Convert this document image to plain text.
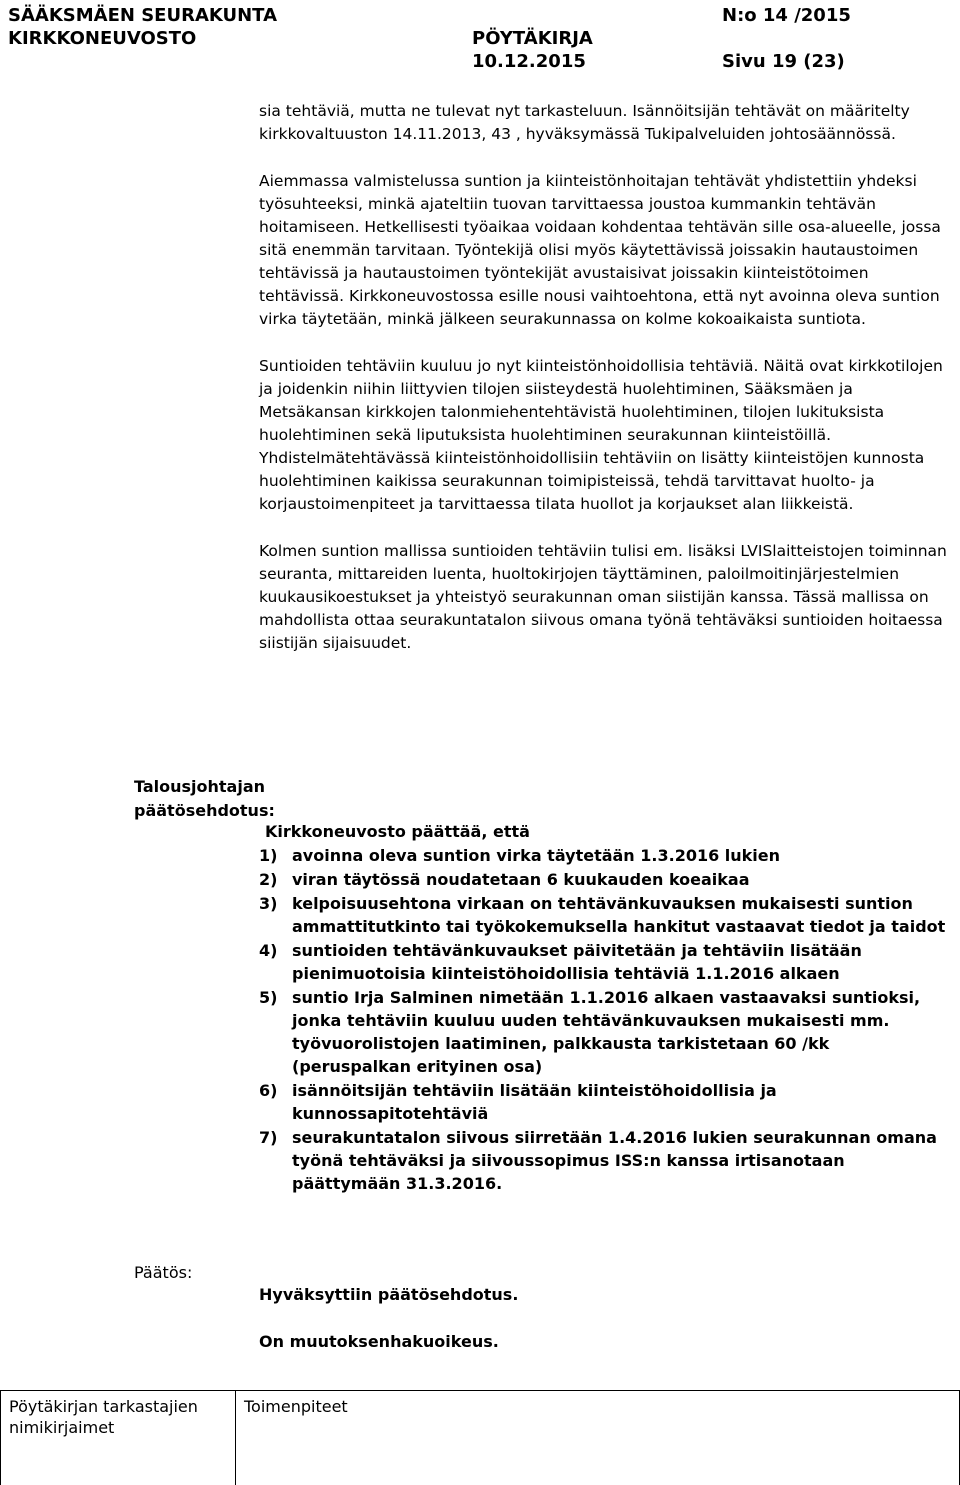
SÄÄKSMÄEN SEURAKUNTA
KIRKKONEUVOSTO	PÖYTÄKIRJA
10.12.2015
N:o 14 /2015
Sivu 19 (23)

sia tehtäviä, mutta ne tulevat nyt tarkasteluun. Isännöitsijän tehtävät on määritelty kirkkovaltuuston 14.11.2013, 43 , hyväksymässä Tukipalveluiden johtosäännössä.

Aiemmassa valmistelussa suntion ja kiinteistönhoitajan tehtävät yhdistettiin yhdeksi työsuhteeksi, minkä ajateltiin tuovan tarvittaessa joustoa kummankin tehtävän hoitamiseen. Hetkellisesti työaikaa voidaan kohdentaa tehtävän sille osa-alueelle, jossa sitä enemmän tarvitaan. Työntekijä olisi myös käytettävissä joissakin hautaustoimen tehtävissä ja hautaustoimen työntekijät avustaisivat joissakin kiinteistötoimen tehtävissä. Kirkkoneuvostossa esille nousi vaihtoehtona, että nyt avoinna oleva suntion virka täytetään, minkä jälkeen seurakunnassa on kolme kokoaikaista suntiota.

Suntioiden tehtäviin kuuluu jo nyt kiinteistönhoidollisia tehtäviä. Näitä ovat kirkkotilojen ja joidenkin niihin liittyvien tilojen siisteydestä huolehtiminen, Sääksmäen ja Metsäkansan kirkkojen talonmiehentehtävistä huolehtiminen, tilojen lukituksista huolehtiminen sekä liputuksista huolehtiminen seurakunnan kiinteistöillä. Yhdistelmätehtävässä kiinteistönhoidollisiin tehtäviin on lisätty kiinteistöjen kunnosta huolehtiminen kaikissa seurakunnan toimipisteissä, tehdä tarvittavat huolto- ja korjaustoimenpiteet ja tarvittaessa tilata huollot ja korjaukset alan liikkeistä.

Kolmen suntion mallissa suntioiden tehtäviin tulisi em. lisäksi LVISlaitteistojen toiminnan seuranta, mittareiden luenta, huoltokirjojen täyttäminen, paloilmoitinjärjestelmien kuukausikoestukset ja yhteistyö seurakunnan oman siistijän kanssa. Tässä mallissa on mahdollista ottaa seurakuntatalon siivous omana työnä tehtäväksi suntioiden hoitaessa siistijän sijaisuudet.

Talousjohtajan
päätösehdotus:
Kirkkoneuvosto päättää, että
1) avoinna oleva suntion virka täytetään 1.3.2016 lukien
2) viran täytössä noudatetaan 6 kuukauden koeaikaa
3) kelpoisuusehtona virkaan on tehtävänkuvauksen mukaisesti suntion ammattitutkinto tai työkokemuksella hankitut vastaavat tiedot ja taidot
4) suntioiden tehtävänkuvaukset päivitetään ja tehtäviin lisätään pienimuotoisia kiinteistöhoidollisia tehtäviä 1.1.2016 alkaen
5) suntio Irja Salminen nimetään 1.1.2016 alkaen vastaavaksi suntioksi, jonka tehtäviin kuuluu uuden tehtävänkuvauksen mukaisesti mm. työvuorolistojen laatiminen, palkkausta tarkistetaan 60 /kk (peruspalkan erityinen osa)
6) isännöitsijän tehtäviin lisätään kiinteistöhoidollisia ja kunnossapitotehtäviä
7) seurakuntatalon siivous siirretään 1.4.2016 lukien seurakunnan omana työnä tehtäväksi ja siivoussopimus ISS:n kanssa irtisanotaan päättymään 31.3.2016.
Päätös:
Hyväksyttiin päätösehdotus.
On muutoksenhakuoikeus.
Pöytäkirjan tarkastajien nimikirjaimet
Toimenpiteet
